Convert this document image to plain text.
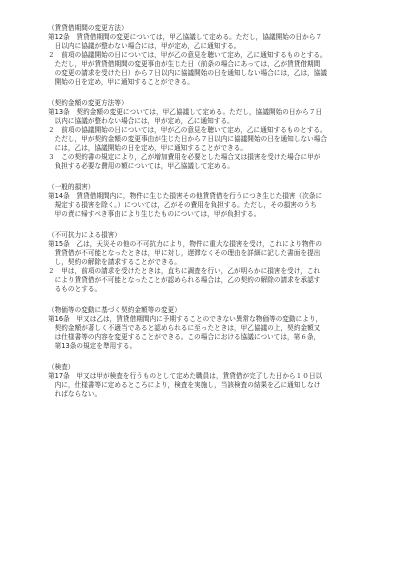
（賃貸借期間の変更方法）
第12条　賃貸借期間の変更については，甲乙協議して定める。ただし，協議開始の日から７
　日以内に協議が整わない場合には，甲が定め，乙に通知する。
２　前項の協議開始の日については，甲が乙の意見を聴いて定め，乙に通知するものとする。
　ただし，甲が賃貸借期間の変更事由が生じた日（前条の場合にあっては，乙が賃貸借期間
　の変更の請求を受けた日）から７日以内に協議開始の日を通知しない場合には，乙は，協議
　開始の日を定め，甲に通知することができる。
（契約金額の変更方法等）
第13条　契約金額の変更については，甲乙協議して定める。ただし，協議開始の日から７日
　以内に協議が整わない場合には，甲が定め，乙に通知する。
２　前項の協議開始の日については，甲が乙の意見を聴いて定め，乙に通知するものとする。
　ただし，甲が契約金額の変更事由が生じた日から７日以内に協議開始の日を通知しない場合
　には，乙は，協議開始の日を定め，甲に通知することができる。
３　この契約書の規定により，乙が増加費用を必要とした場合又は損害を受けた場合に甲が
　負担する必要な費用の額については，甲乙協議して定める。
（一般的損害）
第14条　賃貸借期間内に，物件に生じた損害その他賃貸借を行うにつき生じた損害（次条に
　規定する損害を除く。）については，乙がその費用を負担する。ただし，その損害のうち
　甲の責に帰すべき事由により生じたものについては，甲が負担する。
（不可抗力による損害）
第15条　乙は，天災その他の不可抗力により，物件に重大な損害を受け，これにより物件の
　賃貸借が不可能となったときは，甲に対し，遅滞なくその理由を詳細に記した書面を提出
　し，契約の解除を請求することができる。
２　甲は，前項の請求を受けたときは，直ちに調査を行い，乙が明らかに損害を受け，これ
　により賃貸借が不可能となったことが認められる場合は，乙の契約の解除の請求を承認す
　るものとする。
（物価等の変動に基づく契約金額等の変更）
第16条　甲又は乙は，賃貸借期間内に予期することのできない異常な物価等の変動により，
　契約金額が著しく不適当であると認められるに至ったときは，甲乙協議の上，契約金額又
　は仕様書等の内容を変更することができる。この場合における協議については，第６条，
　第13条の規定を準用する。
（検査）
第17条　甲又は甲が検査を行うものとして定めた職員は，賃貸借が完了した日から１０日以
　内に，仕様書等に定めるところにより，検査を実施し，当該検査の結果を乙に通知しなけ
　ればならない。
